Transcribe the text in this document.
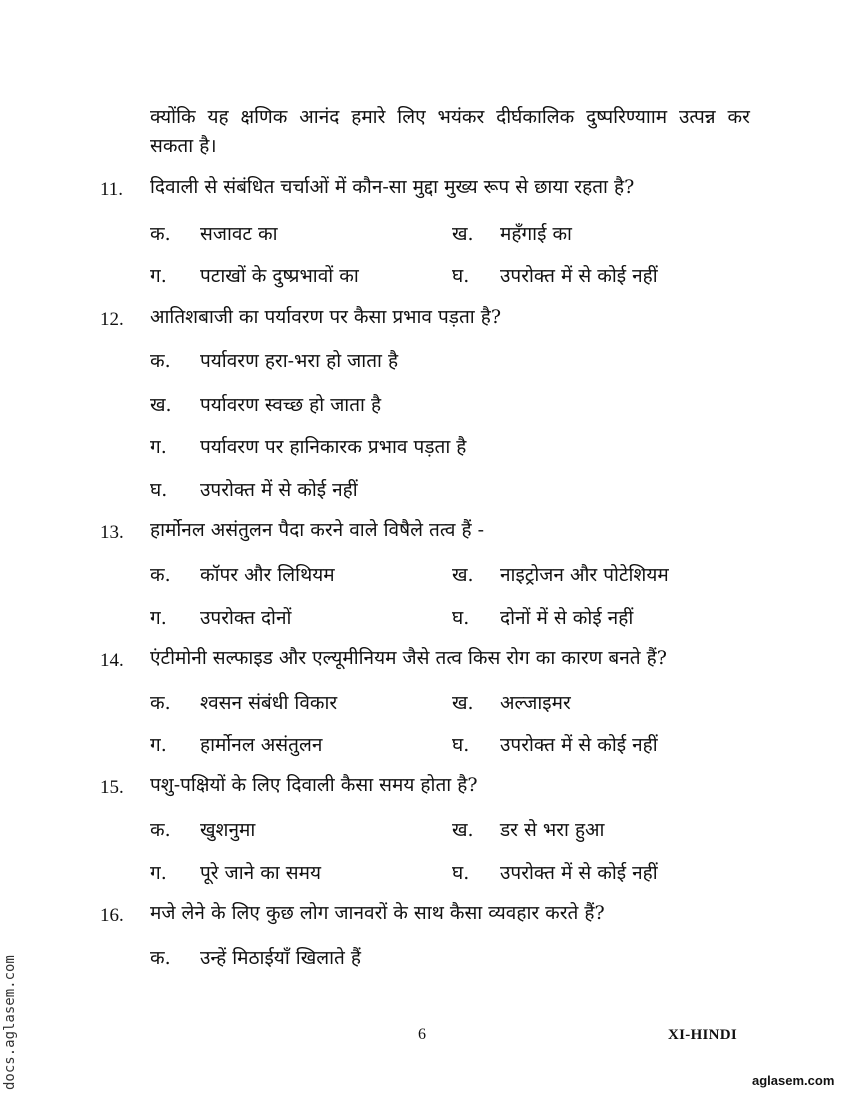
क्योंकि यह क्षणिक आनंद हमारे लिए भयंकर दीर्घकालिक दुष्परिण्यााम उत्पन्न कर
सकता है।
11. दिवाली से संबंधित चर्चाओं में कौन-सा मुद्दा मुख्य रूप से छाया रहता है?
क. सजावट का	ख. महँगाई का
ग. पटाखों के दुष्प्रभावों का	घ. उपरोक्त में से कोई नहीं
12. आतिशबाजी का पर्यावरण पर कैसा प्रभाव पड़ता है?
क. पर्यावरण हरा-भरा हो जाता है
ख. पर्यावरण स्वच्छ हो जाता है
ग. पर्यावरण पर हानिकारक प्रभाव पड़ता है
घ. उपरोक्त में से कोई नहीं
13. हार्मोनल असंतुलन पैदा करने वाले विषैले तत्व हैं -
क. कॉपर और लिथियम	ख. नाइट्रोजन और पोटेशियम
ग. उपरोक्त दोनों	घ. दोनों में से कोई नहीं
14. एंटीमोनी सल्फाइड और एल्यूमीनियम जैसे तत्व किस रोग का कारण बनते हैं?
क. श्वसन संबंधी विकार	ख. अल्जाइमर
ग. हार्मोनल असंतुलन	घ. उपरोक्त में से कोई नहीं
15. पशु-पक्षियों के लिए दिवाली कैसा समय होता है?
क. खुशनुमा	ख. डर से भरा हुआ
ग. पूरे जाने का समय	घ. उपरोक्त में से कोई नहीं
16. मजे लेने के लिए कुछ लोग जानवरों के साथ कैसा व्यवहार करते हैं?
क. उन्हें मिठाईयाँ खिलाते हैं
6	XI-HINDI
aglasem.com
docs.aglasem.com
